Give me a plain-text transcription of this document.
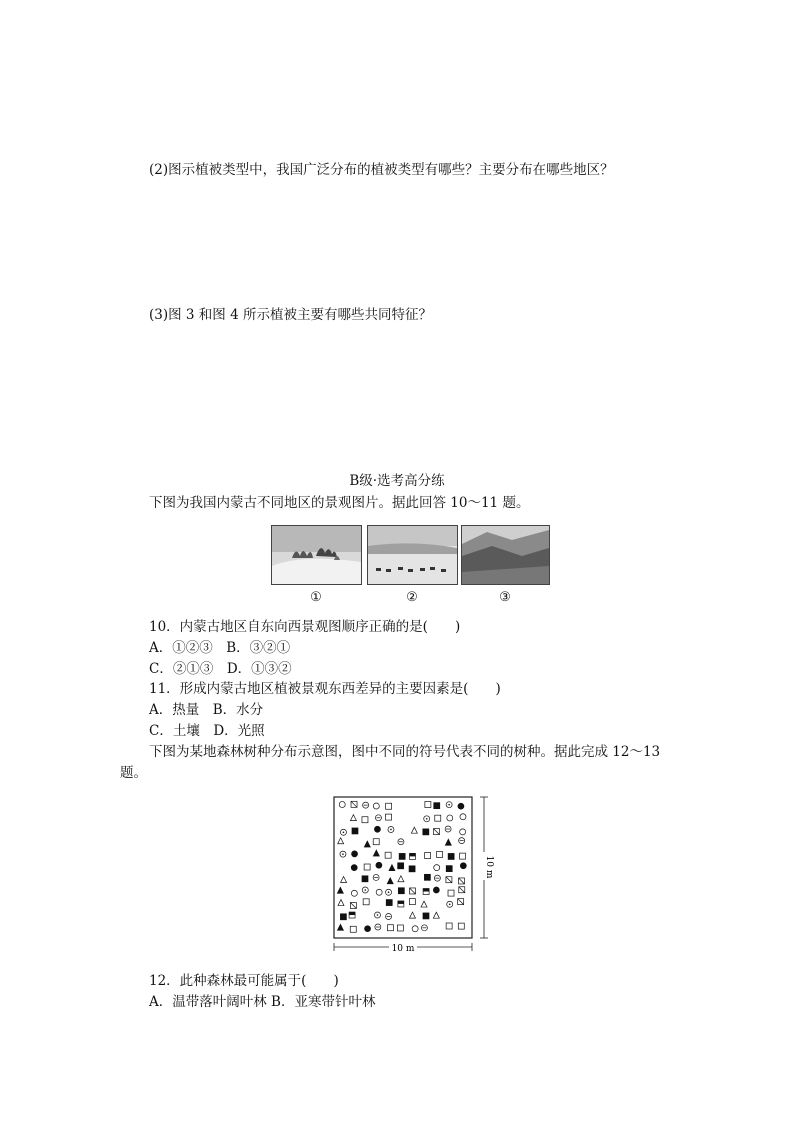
(2)图示植被类型中，我国广泛分布的植被类型有哪些？主要分布在哪些地区？
(3)图 3 和图 4 所示植被主要有哪些共同特征？
B级·选考高分练
下图为我国内蒙古不同地区的景观图片。据此回答 10～11 题。
①	②	③
10．内蒙古地区自东向西景观图顺序正确的是(　　)
A．①②③　B．③②①
C．②①③　D．①③②
11．形成内蒙古地区植被景观东西差异的主要因素是(　　)
A．热量　B．水分
C．土壤　D．光照
下图为某地森林树种分布示意图，图中不同的符号代表不同的树种。据此完成 12～13
题。
10 m
10 m
12．此种森林最可能属于(　　)
A．温带落叶阔叶林 B．亚寒带针叶林
